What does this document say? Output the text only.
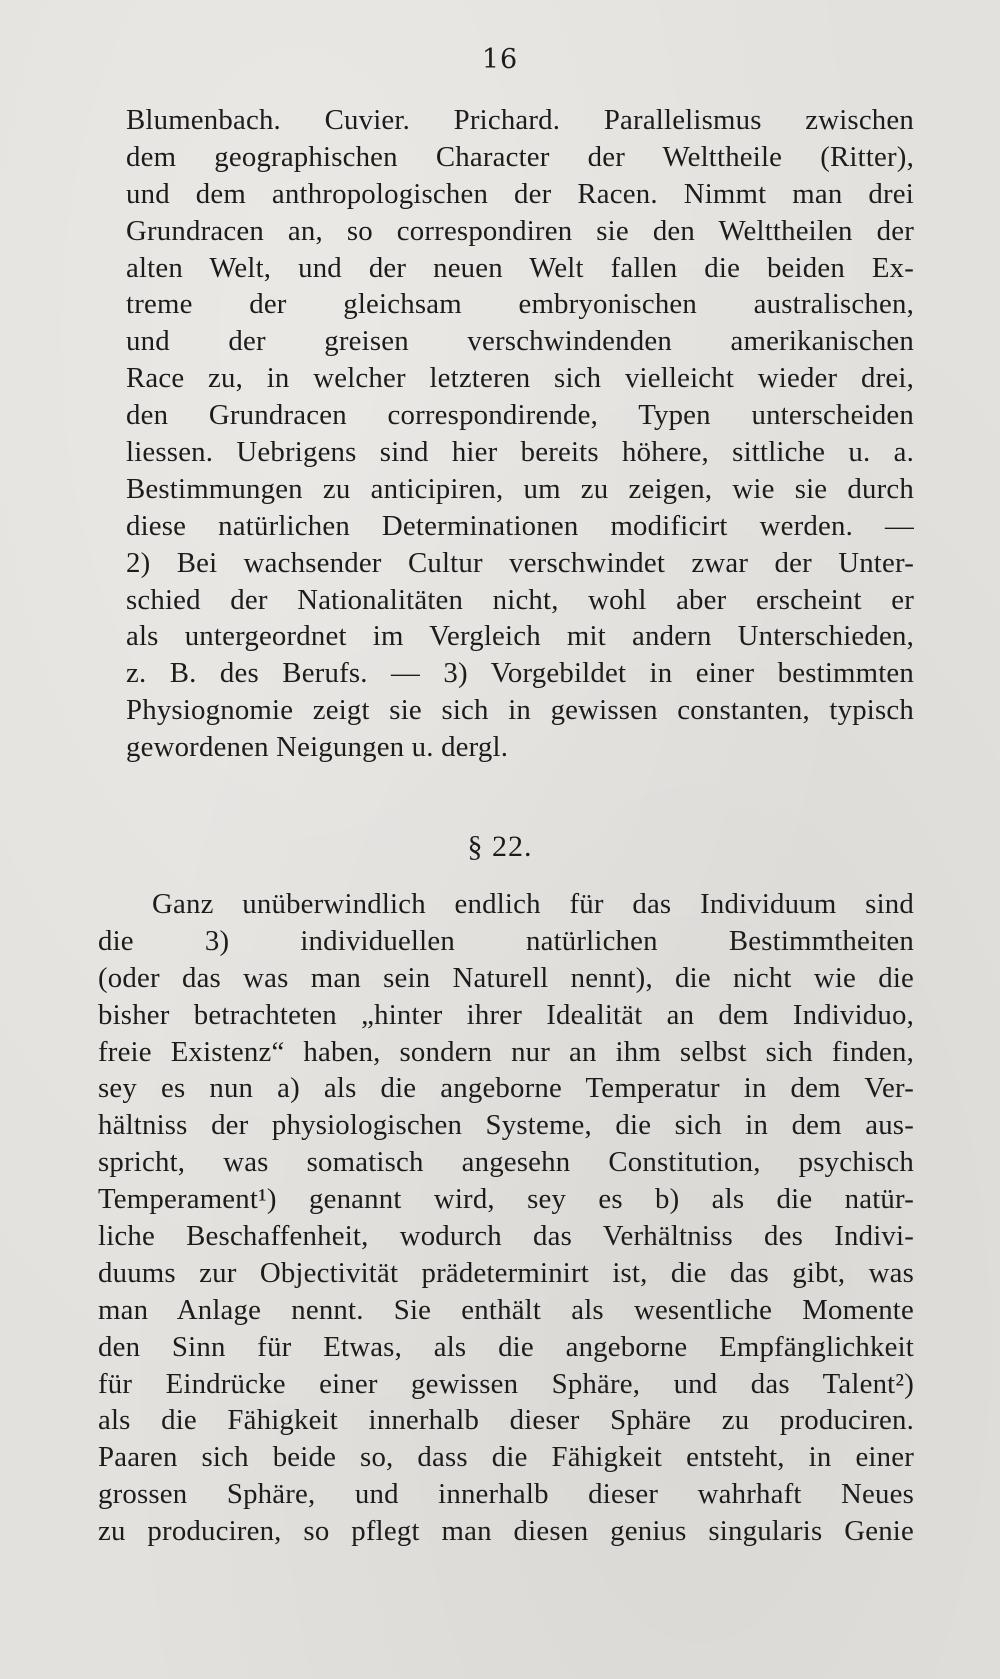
16
Blumenbach. Cuvier. Prichard. Parallelismus zwischen
dem geographischen Character der Welttheile (Ritter),
und dem anthropologischen der Racen. Nimmt man drei
Grundracen an, so correspondiren sie den Welttheilen der
alten Welt, und der neuen Welt fallen die beiden Ex-
treme der gleichsam embryonischen australischen,
und der greisen verschwindenden amerikanischen
Race zu, in welcher letzteren sich vielleicht wieder drei,
den Grundracen correspondirende, Typen unterscheiden
liessen. Uebrigens sind hier bereits höhere, sittliche u. a.
Bestimmungen zu anticipiren, um zu zeigen, wie sie durch
diese natürlichen Determinationen modificirt werden. —
2) Bei wachsender Cultur verschwindet zwar der Unter-
schied der Nationalitäten nicht, wohl aber erscheint er
als untergeordnet im Vergleich mit andern Unterschieden,
z. B. des Berufs. — 3) Vorgebildet in einer bestimmten
Physiognomie zeigt sie sich in gewissen constanten, typisch
gewordenen Neigungen u. dergl.
§ 22.
Ganz unüberwindlich endlich für das Individuum sind
die 3) individuellen natürlichen Bestimmtheiten
(oder das was man sein Naturell nennt), die nicht wie die
bisher betrachteten „hinter ihrer Idealität an dem Individuo,
freie Existenz“ haben, sondern nur an ihm selbst sich finden,
sey es nun a) als die angeborne Temperatur in dem Ver-
hältniss der physiologischen Systeme, die sich in dem aus-
spricht, was somatisch angesehn Constitution, psychisch
Temperament¹) genannt wird, sey es b) als die natür-
liche Beschaffenheit, wodurch das Verhältniss des Indivi-
duums zur Objectivität prädeterminirt ist, die das gibt, was
man Anlage nennt. Sie enthält als wesentliche Momente
den Sinn für Etwas, als die angeborne Empfänglichkeit
für Eindrücke einer gewissen Sphäre, und das Talent²)
als die Fähigkeit innerhalb dieser Sphäre zu produciren.
Paaren sich beide so, dass die Fähigkeit entsteht, in einer
grossen Sphäre, und innerhalb dieser wahrhaft Neues
zu produciren, so pflegt man diesen genius singularis Genie
